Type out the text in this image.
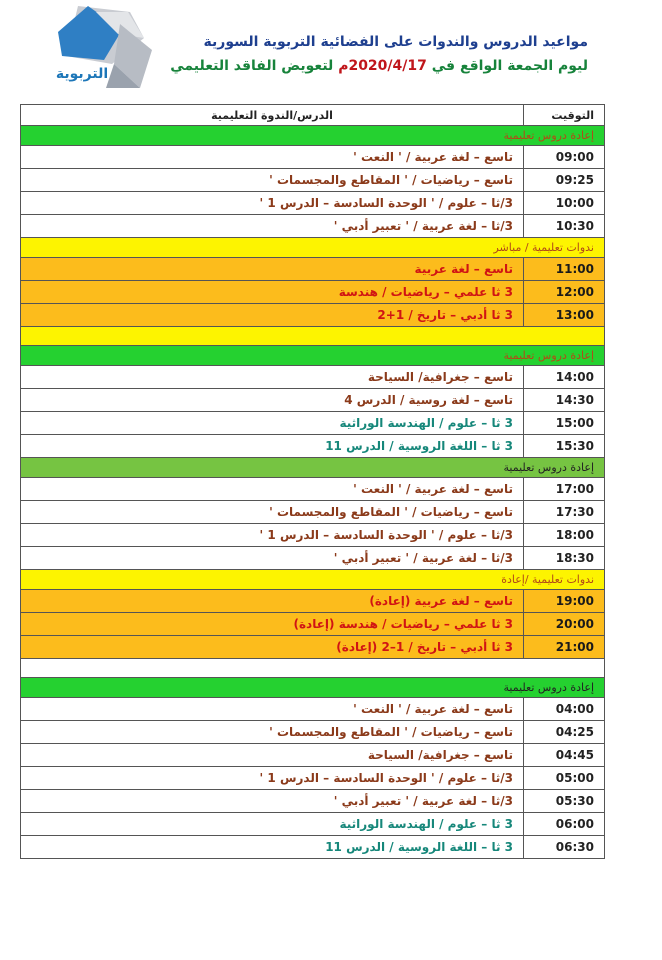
التربوية
مواعيد الدروس والندوات على الفضائية التربوية السورية
ليوم الجمعة الواقع في 2020/4/17م لتعويض الفاقد التعليمي
التوقيت	الدرس/الندوة التعليمية
إعادة دروس تعليمية	
09:00	تاسع – لغة عربية / ' النعت '
09:25	تاسع – رياضيات / ' المقاطع والمجسمات '
10:00	3/ثا – علوم / ' الوحدة السادسة – الدرس 1 '
10:30	3/ثا – لغة عربية / ' تعبير أدبي '
ندوات تعليمية / مباشر	
11:00	تاسع – لغة عربية
12:00	3 ثا علمي – رياضيات / هندسة
13:00	3 ثا أدبي – تاريخ / 1+2

إعادة دروس تعليمية	
14:00	تاسع – جغرافية/ السياحة
14:30	تاسع – لغة روسية / الدرس 4
15:00	3 ثا – علوم / الهندسة الوراثية
15:30	3 ثا – اللغة الروسية / الدرس 11
إعادة دروس تعليمية	
17:00	تاسع – لغة عربية / ' النعت '
17:30	تاسع – رياضيات / ' المقاطع والمجسمات '
18:00	3/ثا – علوم / ' الوحدة السادسة – الدرس 1 '
18:30	3/ثا – لغة عربية / ' تعبير أدبي '
ندوات تعليمية /إعادة	
19:00	تاسع – لغة عربية (إعادة)
20:00	3 ثا علمي – رياضيات / هندسة (إعادة)
21:00	3 ثا أدبي – تاريخ / 1–2 (إعادة)

إعادة دروس تعليمية	
04:00	تاسع – لغة عربية / ' النعت '
04:25	تاسع – رياضيات / ' المقاطع والمجسمات '
04:45	تاسع – جغرافية/ السياحة
05:00	3/ثا – علوم / ' الوحدة السادسة – الدرس 1 '
05:30	3/ثا – لغة عربية / ' تعبير أدبي '
06:00	3 ثا – علوم / الهندسة الوراثية
06:30	3 ثا – اللغة الروسية / الدرس 11
